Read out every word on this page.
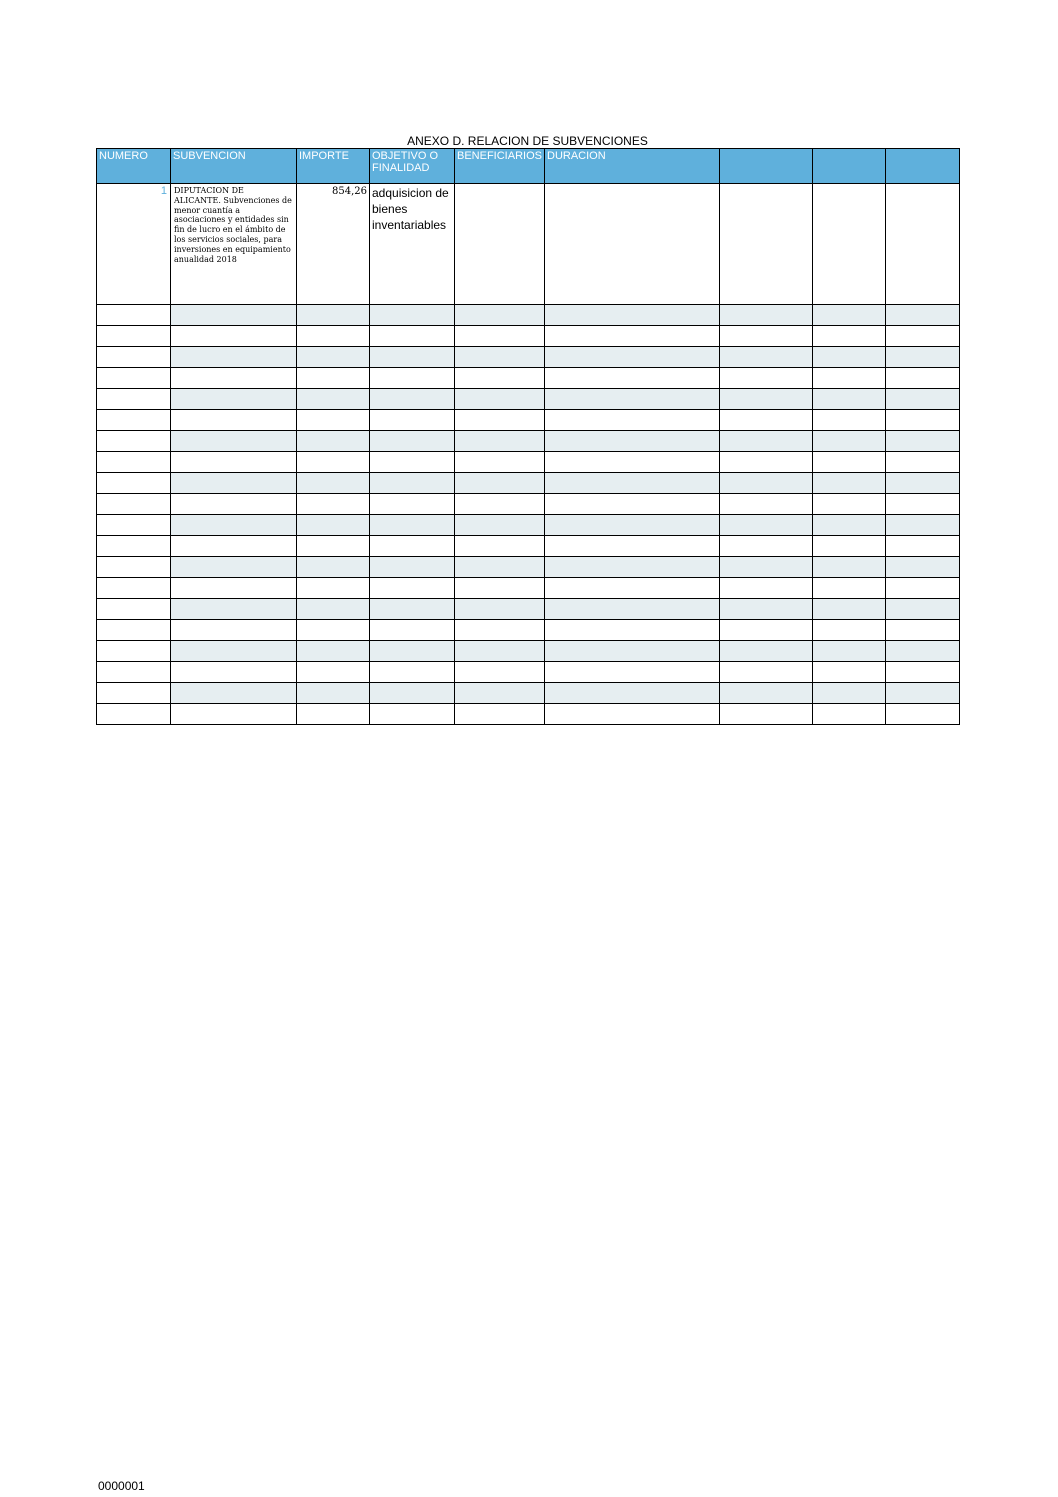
ANEXO D. RELACION DE SUBVENCIONES
NUMERO	SUBVENCION	IMPORTE	OBJETIVO O FINALIDAD	BENEFICIARIOS	DURACION			
1	DIPUTACION DE ALICANTE. Subvenciones de menor cuantía a asociaciones y entidades sin fin de lucro en el ámbito de los servicios sociales, para inversiones en equipamiento anualidad 2018	854,26	adquisicion de bienes inventariables					

0000001
